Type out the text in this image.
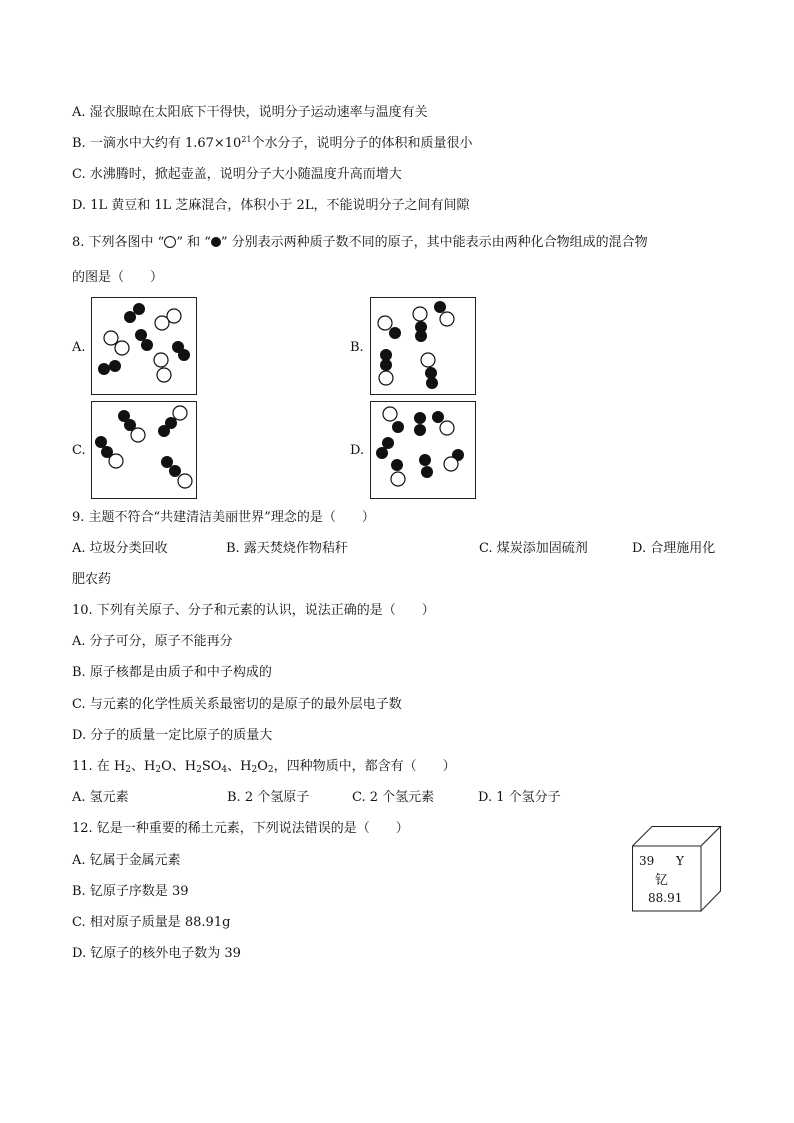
A. 湿衣服晾在太阳底下干得快，说明分子运动速率与温度有关
B. 一滴水中大约有 $1.67\times 10^{21}$个水分子，说明分子的体积和质量很小
C. 水沸腾时，掀起壶盖，说明分子大小随温度升高而增大
D. 1L 黄豆和 1L 芝麻混合，体积小于 2L，不能说明分子之间有间隙
8. 下列各图中 “ ” 和 “ ” 分别表示两种质子数不同的原子，其中能表示由两种化合物组成的混合物
的图是（　　）
A.	B.
C.	D.
9. 主题不符合“共建清洁美丽世界”理念的是（　　）
A. 垃圾分类回收	B. 露天焚烧作物秸秆	C. 煤炭添加固硫剂	D. 合理施用化
肥农药
10. 下列有关原子、分子和元素的认识，说法正确的是（　　）
A. 分子可分，原子不能再分
B. 原子核都是由质子和中子构成的
C. 与元素的化学性质关系最密切的是原子的最外层电子数
D. 分子的质量一定比原子的质量大
11. 在 $H_2$、$H_2O$、$H_2SO_4$、$H_2O_2$，四种物质中，都含有（　　）
A. 氢元素	B. 2 个氢原子	C. 2 个氢元素	D. 1 个氢分子
12. 钇是一种重要的稀土元素，下列说法错误的是（　　）
A. 钇属于金属元素
B. 钇原子序数是 39
C. 相对原子质量是 88.91g
D. 钇原子的核外电子数为 39
39 Y
钇
88.91
